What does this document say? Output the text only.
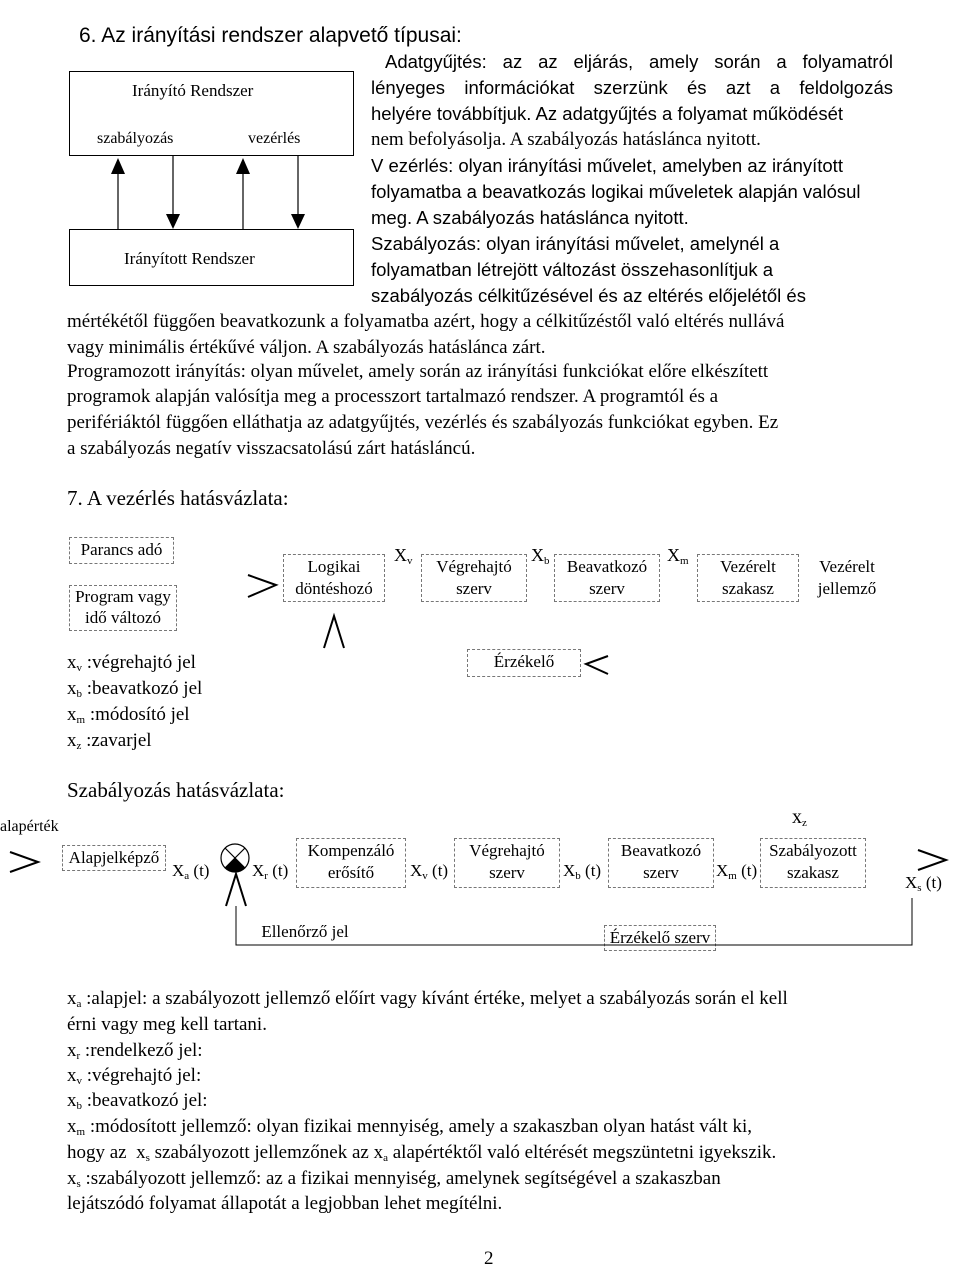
6. Az irányítási rendszer alapvető típusai:
Irányító Rendszer
szabályozás	vezérlés
Irányított Rendszer
Adatgyűjtés: az az eljárás, amely során a folyamatról
lényeges információkat szerzünk és azt a feldolgozás
helyére továbbítjuk. Az adatgyűjtés a folyamat működését
nem befolyásolja. A szabályozás hatáslánca nyitott.
V ezérlés: olyan irányítási művelet, amelyben az irányított
folyamatba a beavatkozás logikai műveletek alapján valósul
meg. A szabályozás hatáslánca nyitott.
Szabályozás: olyan irányítási művelet, amelynél a
folyamatban létrejött változást összehasonlítjuk a
szabályozás célkitűzésével és az eltérés előjelétől és
mértékétől függően beavatkozunk a folyamatba azért, hogy a célkitűzéstől való eltérés nullává
vagy minimális értékűvé váljon. A szabályozás hatáslánca zárt.
Programozott irányítás: olyan művelet, amely során az irányítási funkciókat előre elkészített
programok alapján valósítja meg a processzort tartalmazó rendszer. A programtól és a
perifériáktól függően elláthatja az adatgyűjtés, vezérlés és szabályozás funkciókat egyben. Ez
a szabályozás negatív visszacsatolású zárt hatásláncú.
7. A vezérlés hatásvázlata:
Parancs adó
Program vagy
idő változó
Logikai
döntéshozó
Végrehajtó
szerv
Beavatkozó
szerv
Vezérelt
szakasz
Vezérelt
jellemző
Érzékelő
$X_v$	$X_b$	$X_m$
$x_v$ :végrehajtó jel
$x_b$ :beavatkozó jel
$x_m$ :módosító jel
$x_z$ :zavarjel
Szabályozás hatásvázlata:
alapérték	$x_z$
Alapjelképző	Kompenzáló
erősítő
Végrehajtó
szerv
Beavatkozó
szerv
Szabályozott
szakasz
Ellenőrző jel	Érzékelő szerv
$X_a$ (t)	$X_r$ (t)	$X_v$ (t)	$X_b$ (t)	$X_m$ (t)
$X_s$ (t)
$x_a$ :alapjel: a szabályozott jellemző előírt vagy kívánt értéke, melyet a szabályozás során el kell
érni vagy meg kell tartani.
$x_r$ :rendelkező jel:
$x_v$ :végrehajtó jel:
$x_b$ :beavatkozó jel:
$x_m$ :módosított jellemző: olyan fizikai mennyiség, amely a szakaszban olyan hatást vált ki,
hogy az  $x_s$ szabályozott jellemzőnek az $x_a$ alapértéktől való eltérését megszüntetni igyekszik.
$x_s$ :szabályozott jellemző: az a fizikai mennyiség, amelynek segítségével a szakaszban
lejátszódó folyamat állapotát a legjobban lehet megítélni.
2
